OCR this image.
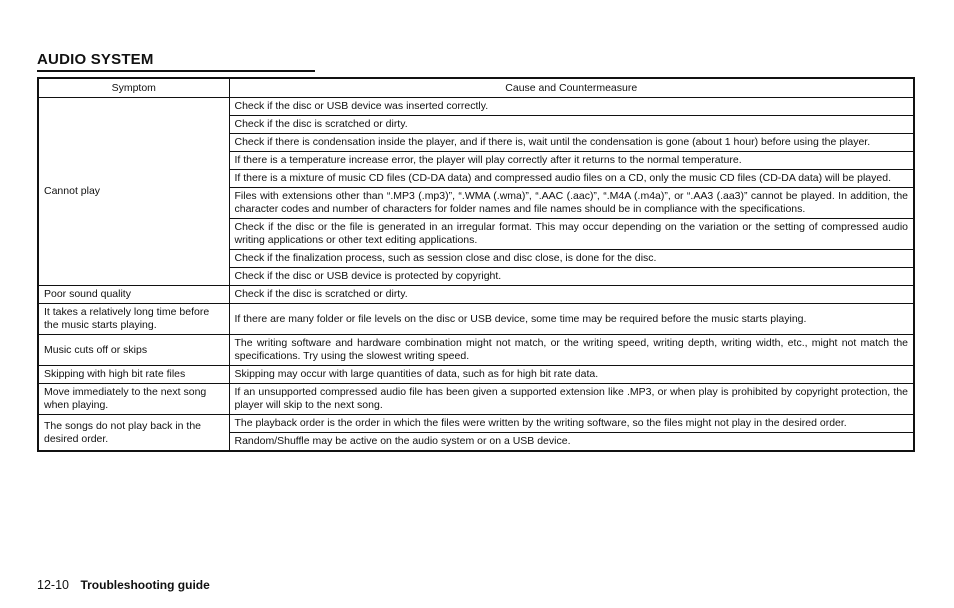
AUDIO SYSTEM
Symptom	Cause and Countermeasure
Cannot play	Check if the disc or USB device was inserted correctly.
	Check if the disc is scratched or dirty.
	Check if there is condensation inside the player, and if there is, wait until the condensation is gone (about 1 hour) before using the player.
	If there is a temperature increase error, the player will play correctly after it returns to the normal temperature.
	If there is a mixture of music CD files (CD-DA data) and compressed audio files on a CD, only the music CD files (CD-DA data) will be played.
	Files with extensions other than “.MP3 (.mp3)”, “.WMA (.wma)”, “.AAC (.aac)”, “.M4A (.m4a)”, or “.AA3 (.aa3)” cannot be played. In addition, the character codes and number of characters for folder names and file names should be in compliance with the specifications.
	Check if the disc or the file is generated in an irregular format. This may occur depending on the variation or the setting of compressed audio writing applications or other text editing applications.
	Check if the finalization process, such as session close and disc close, is done for the disc.
	Check if the disc or USB device is protected by copyright.
Poor sound quality	Check if the disc is scratched or dirty.
It takes a relatively long time before the music starts playing.	If there are many folder or file levels on the disc or USB device, some time may be required before the music starts playing.
Music cuts off or skips	The writing software and hardware combination might not match, or the writing speed, writing depth, writing width, etc., might not match the specifications. Try using the slowest writing speed.
Skipping with high bit rate files	Skipping may occur with large quantities of data, such as for high bit rate data.
Move immediately to the next song when playing.	If an unsupported compressed audio file has been given a supported extension like .MP3, or when play is prohibited by copyright protection, the player will skip to the next song.
The songs do not play back in the desired order.	The playback order is the order in which the files were written by the writing software, so the files might not play in the desired order.
	Random/Shuffle may be active on the audio system or on a USB device.
12-10 Troubleshooting guide
